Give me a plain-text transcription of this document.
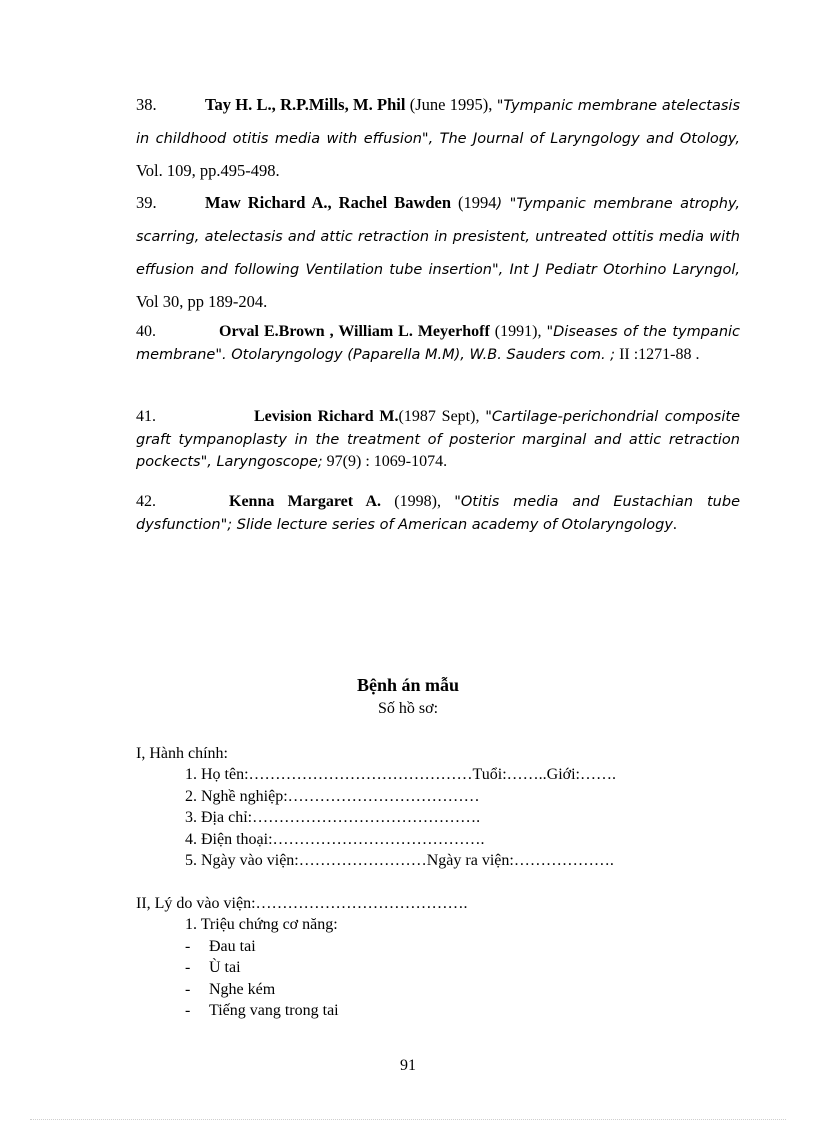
38.	Tay H. L., R.P.Mills, M. Phil (June 1995), "Tympanic membrane atelectasis in childhood otitis media with effusion", The Journal of Laryngology and Otology, Vol. 109, pp.495-498.
39.	Maw Richard A., Rachel Bawden (1994) "Tympanic membrane atrophy, scarring, atelectasis and attic retraction in presistent, untreated ottitis media with effusion and following Ventilation tube insertion", Int J Pediatr Otorhino Laryngol, Vol 30, pp 189-204.
40.	Orval E.Brown , William L. Meyerhoff (1991), "Diseases of the tympanic membrane". Otolaryngology (Paparella M.M), W.B. Sauders com. ; II :1271-88 .
41.	Levision Richard M.(1987 Sept), "Cartilage-perichondrial composite graft tympanoplasty in the treatment of posterior marginal and attic retraction pockects", Laryngoscope; 97(9) : 1069-1074.
42.	Kenna Margaret A. (1998), "Otitis media and Eustachian tube dysfunction"; Slide lecture series of American academy of Otolaryngology.
Bệnh án mẫu
Số hồ sơ:
I, Hành chính:
1. Họ tên:……………………………………Tuổi:……..Giới:…….
2. Nghề nghiệp:………………………………
3. Địa chỉ:…………………………………….
4. Điện thoại:………………………………….
5. Ngày vào viện:……………………Ngày ra viện:……………….
II, Lý do vào viện:………………………………….
1. Triệu chứng cơ năng:
- Đau tai
- Ù tai
- Nghe kém
- Tiếng vang trong tai
91
